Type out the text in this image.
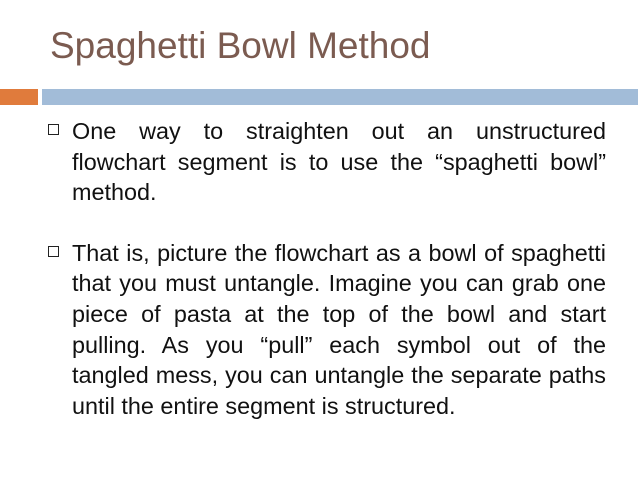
Spaghetti Bowl Method
One way to straighten out an unstructured flowchart segment is to use the “spaghetti bowl” method.
That is, picture the flowchart as a bowl of spaghetti that you must untangle. Imagine you can grab one piece of pasta at the top of the bowl and start pulling. As you “pull” each symbol out of the tangled mess, you can untangle the separate paths until the entire segment is structured.
